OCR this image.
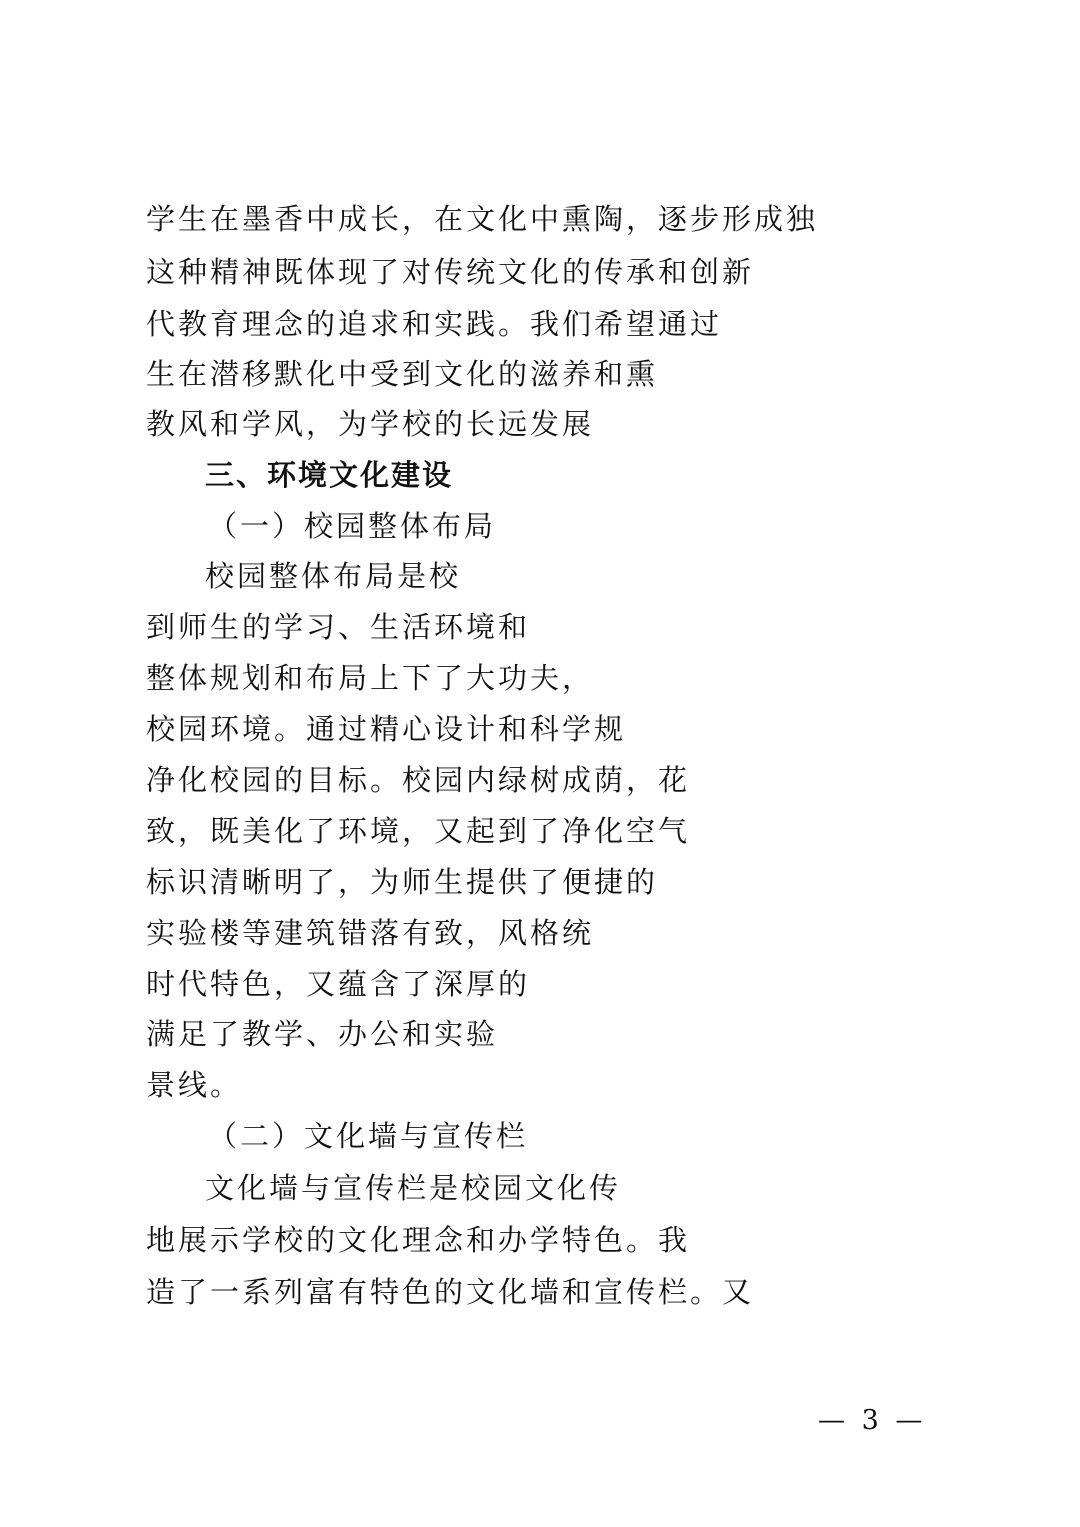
学生在墨香中成长，在文化中熏陶，逐步形成独
这种精神既体现了对传统文化的传承和创新
代教育理念的追求和实践。我们希望通过
生在潜移默化中受到文化的滋养和熏
教风和学风，为学校的长远发展
三、环境文化建设
（一）校园整体布局
校园整体布局是校
到师生的学习、生活环境和
整体规划和布局上下了大功夫，
校园环境。通过精心设计和科学规
净化校园的目标。校园内绿树成荫，花
致，既美化了环境，又起到了净化空气
标识清晰明了，为师生提供了便捷的
实验楼等建筑错落有致，风格统
时代特色，又蕴含了深厚的
满足了教学、办公和实验
景线。
（二）文化墙与宣传栏
文化墙与宣传栏是校园文化传
地展示学校的文化理念和办学特色。我
造了一系列富有特色的文化墙和宣传栏。又
— 3 —
